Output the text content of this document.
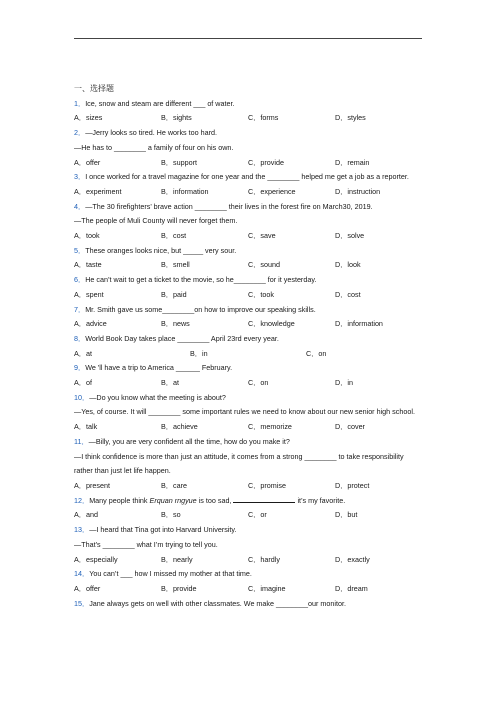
一、选择题
1．Ice, snow and steam are different ___ of water.
A．sizes	B．sights	C．forms	D．styles
2．—Jerry looks so tired. He works too hard.
—He has to ________ a family of four on his own.
A．offer	B．support	C．provide	D．remain
3．I once worked for a travel magazine for one year and the ________ helped me get a job as a reporter.
A．experiment	B．information	C．experience	D．instruction
4．—The 30 firefighters’ brave action ________ their lives in the forest fire on March30, 2019.
—The people of Muli County will never forget them.
A．took	B．cost	C．save	D．solve
5．These oranges looks nice, but _____ very sour.
A．taste	B．smell	C．sound	D．look
6．He can’t wait to get a ticket to the movie, so he________ for it yesterday.
A．spent	B．paid	C．took	D．cost
7．Mr. Smith gave us some________on how to improve our speaking skills.
A．advice	B．news	C．knowledge	D．information
8．World Book Day takes place ________ April 23rd every year.
A．at	B．in	C．on
9．We 'll have a trip to America ______ February.
A．of	B．at	C．on	D．in
10．—Do you know what the meeting is about?
—Yes, of course. It will ________ some important rules we need to know about our new senior high school.
A．talk	B．achieve	C．memorize	D．cover
11．—Billy, you are very confident all the time, how do you make it?
—I think confidence is more than just an attitude, it comes from a strong ________ to take responsibility rather than just let life happen.
A．present	B．care	C．promise	D．protect
12．Many people think Erquan rngyue is too sad,	it’s my favorite.
A．and	B．so	C．or	D．but
13．—I heard that Tina got into Harvard University.
—That’s ________ what I’m trying to tell you.
A．especially	B．nearly	C．hardly	D．exactly
14．You can’t ___ how I missed my mother at that time.
A．offer	B．provide	C．imagine	D．dream
15．Jane always gets on well with other classmates. We make ________our monitor.
